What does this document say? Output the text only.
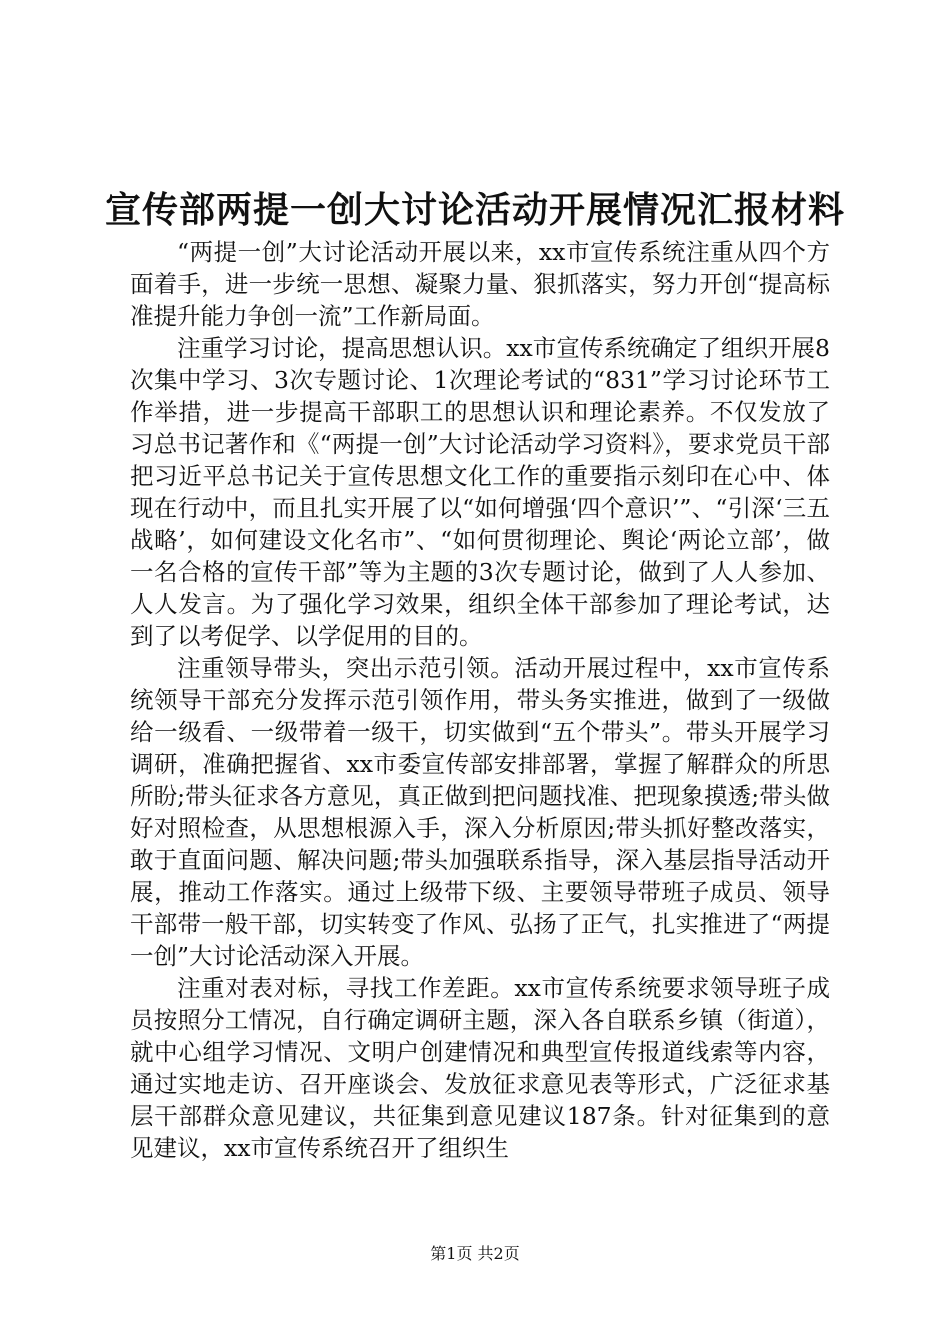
宣传部两提一创大讨论活动开展情况汇报材料

“两提一创”大讨论活动开展以来，xx市宣传系统注重从四个方面着手，进一步统一思想、凝聚力量、狠抓落实，努力开创“提高标准提升能力争创一流”工作新局面。

注重学习讨论，提高思想认识。xx市宣传系统确定了组织开展8次集中学习、3次专题讨论、1次理论考试的“831”学习讨论环节工作举措，进一步提高干部职工的思想认识和理论素养。不仅发放了习总书记著作和《“两提一创”大讨论活动学习资料》，要求党员干部把习近平总书记关于宣传思想文化工作的重要指示刻印在心中、体现在行动中，而且扎实开展了以“如何增强‘四个意识’”、“引深‘三五战略’，如何建设文化名市”、“如何贯彻理论、舆论‘两论立部’，做一名合格的宣传干部”等为主题的3次专题讨论，做到了人人参加、人人发言。为了强化学习效果，组织全体干部参加了理论考试，达到了以考促学、以学促用的目的。

注重领导带头，突出示范引领。活动开展过程中，xx市宣传系统领导干部充分发挥示范引领作用，带头务实推进，做到了一级做给一级看、一级带着一级干，切实做到“五个带头”。带头开展学习调研，准确把握省、xx市委宣传部安排部署，掌握了解群众的所思所盼;带头征求各方意见，真正做到把问题找准、把现象摸透;带头做好对照检查，从思想根源入手，深入分析原因;带头抓好整改落实，敢于直面问题、解决问题;带头加强联系指导，深入基层指导活动开展，推动工作落实。通过上级带下级、主要领导带班子成员、领导干部带一般干部，切实转变了作风、弘扬了正气，扎实推进了“两提一创”大讨论活动深入开展。

注重对表对标，寻找工作差距。xx市宣传系统要求领导班子成员按照分工情况，自行确定调研主题，深入各自联系乡镇（街道），就中心组学习情况、文明户创建情况和典型宣传报道线索等内容，通过实地走访、召开座谈会、发放征求意见表等形式，广泛征求基层干部群众意见建议，共征集到意见建议187条。针对征集到的意见建议，xx市宣传系统召开了组织生

第1页 共2页
